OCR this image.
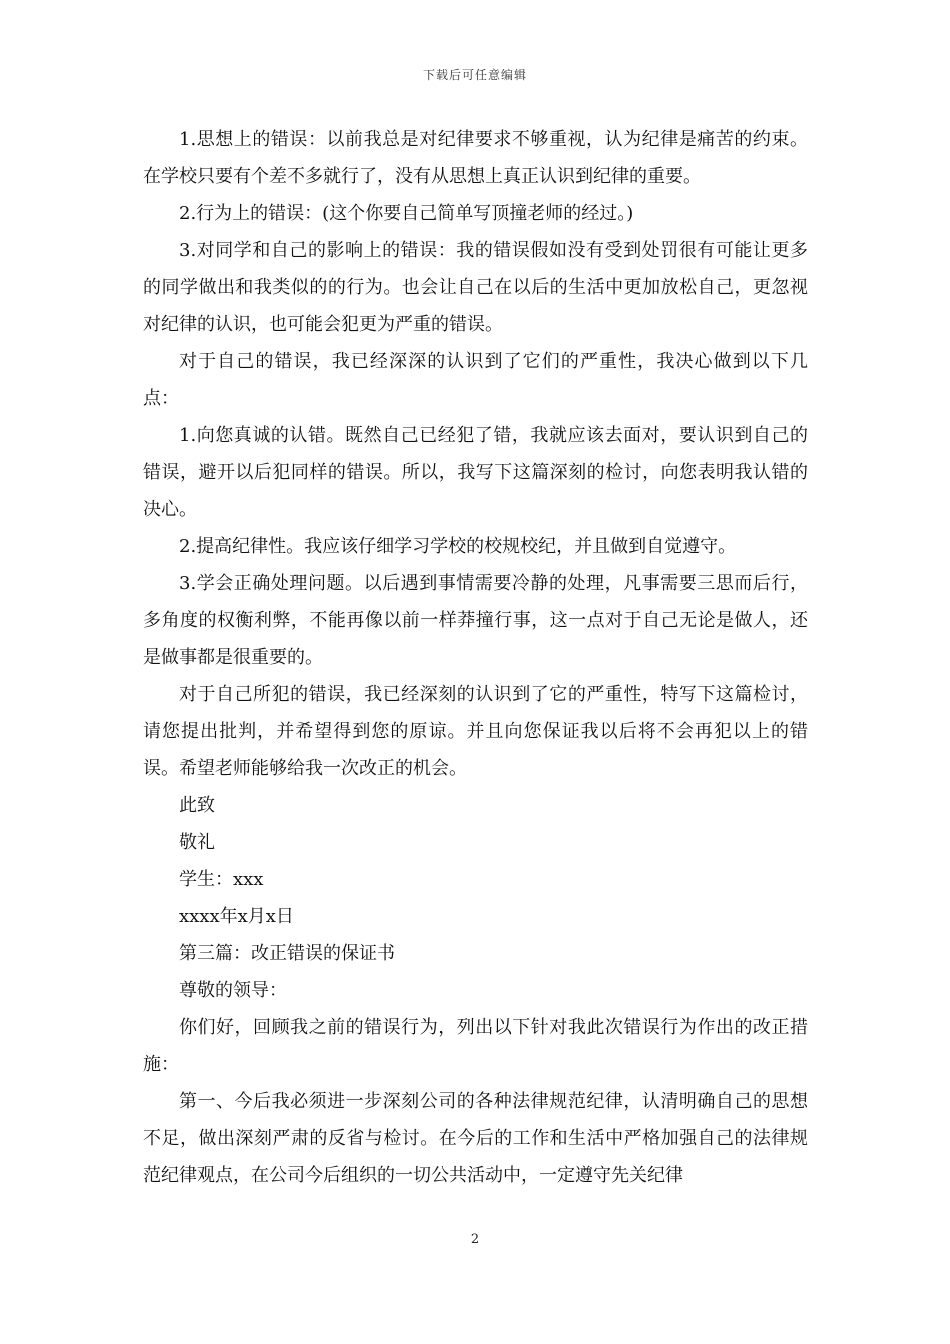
下载后可任意编辑

1.思想上的错误：以前我总是对纪律要求不够重视，认为纪律是痛苦的约束。在学校只要有个差不多就行了，没有从思想上真正认识到纪律的重要。

2.行为上的错误：(这个你要自己简单写顶撞老师的经过。)

3.对同学和自己的影响上的错误：我的错误假如没有受到处罚很有可能让更多的同学做出和我类似的的行为。也会让自己在以后的生活中更加放松自己，更忽视对纪律的认识，也可能会犯更为严重的错误。

对于自己的错误，我已经深深的认识到了它们的严重性，我决心做到以下几点：

1.向您真诚的认错。既然自己已经犯了错，我就应该去面对，要认识到自己的错误，避开以后犯同样的错误。所以，我写下这篇深刻的检讨，向您表明我认错的决心。

2.提高纪律性。我应该仔细学习学校的校规校纪，并且做到自觉遵守。

3.学会正确处理问题。以后遇到事情需要冷静的处理，凡事需要三思而后行，多角度的权衡利弊，不能再像以前一样莽撞行事，这一点对于自己无论是做人，还是做事都是很重要的。

对于自己所犯的错误，我已经深刻的认识到了它的严重性，特写下这篇检讨，请您提出批判，并希望得到您的原谅。并且向您保证我以后将不会再犯以上的错误。希望老师能够给我一次改正的机会。

此致

敬礼

学生：xxx

xxxx年x月x日

第三篇：改正错误的保证书

尊敬的领导：

你们好，回顾我之前的错误行为，列出以下针对我此次错误行为作出的改正措施：

第一、今后我必须进一步深刻公司的各种法律规范纪律，认清明确自己的思想不足，做出深刻严肃的反省与检讨。在今后的工作和生活中严格加强自己的法律规范纪律观点，在公司今后组织的一切公共活动中，一定遵守先关纪律

2
